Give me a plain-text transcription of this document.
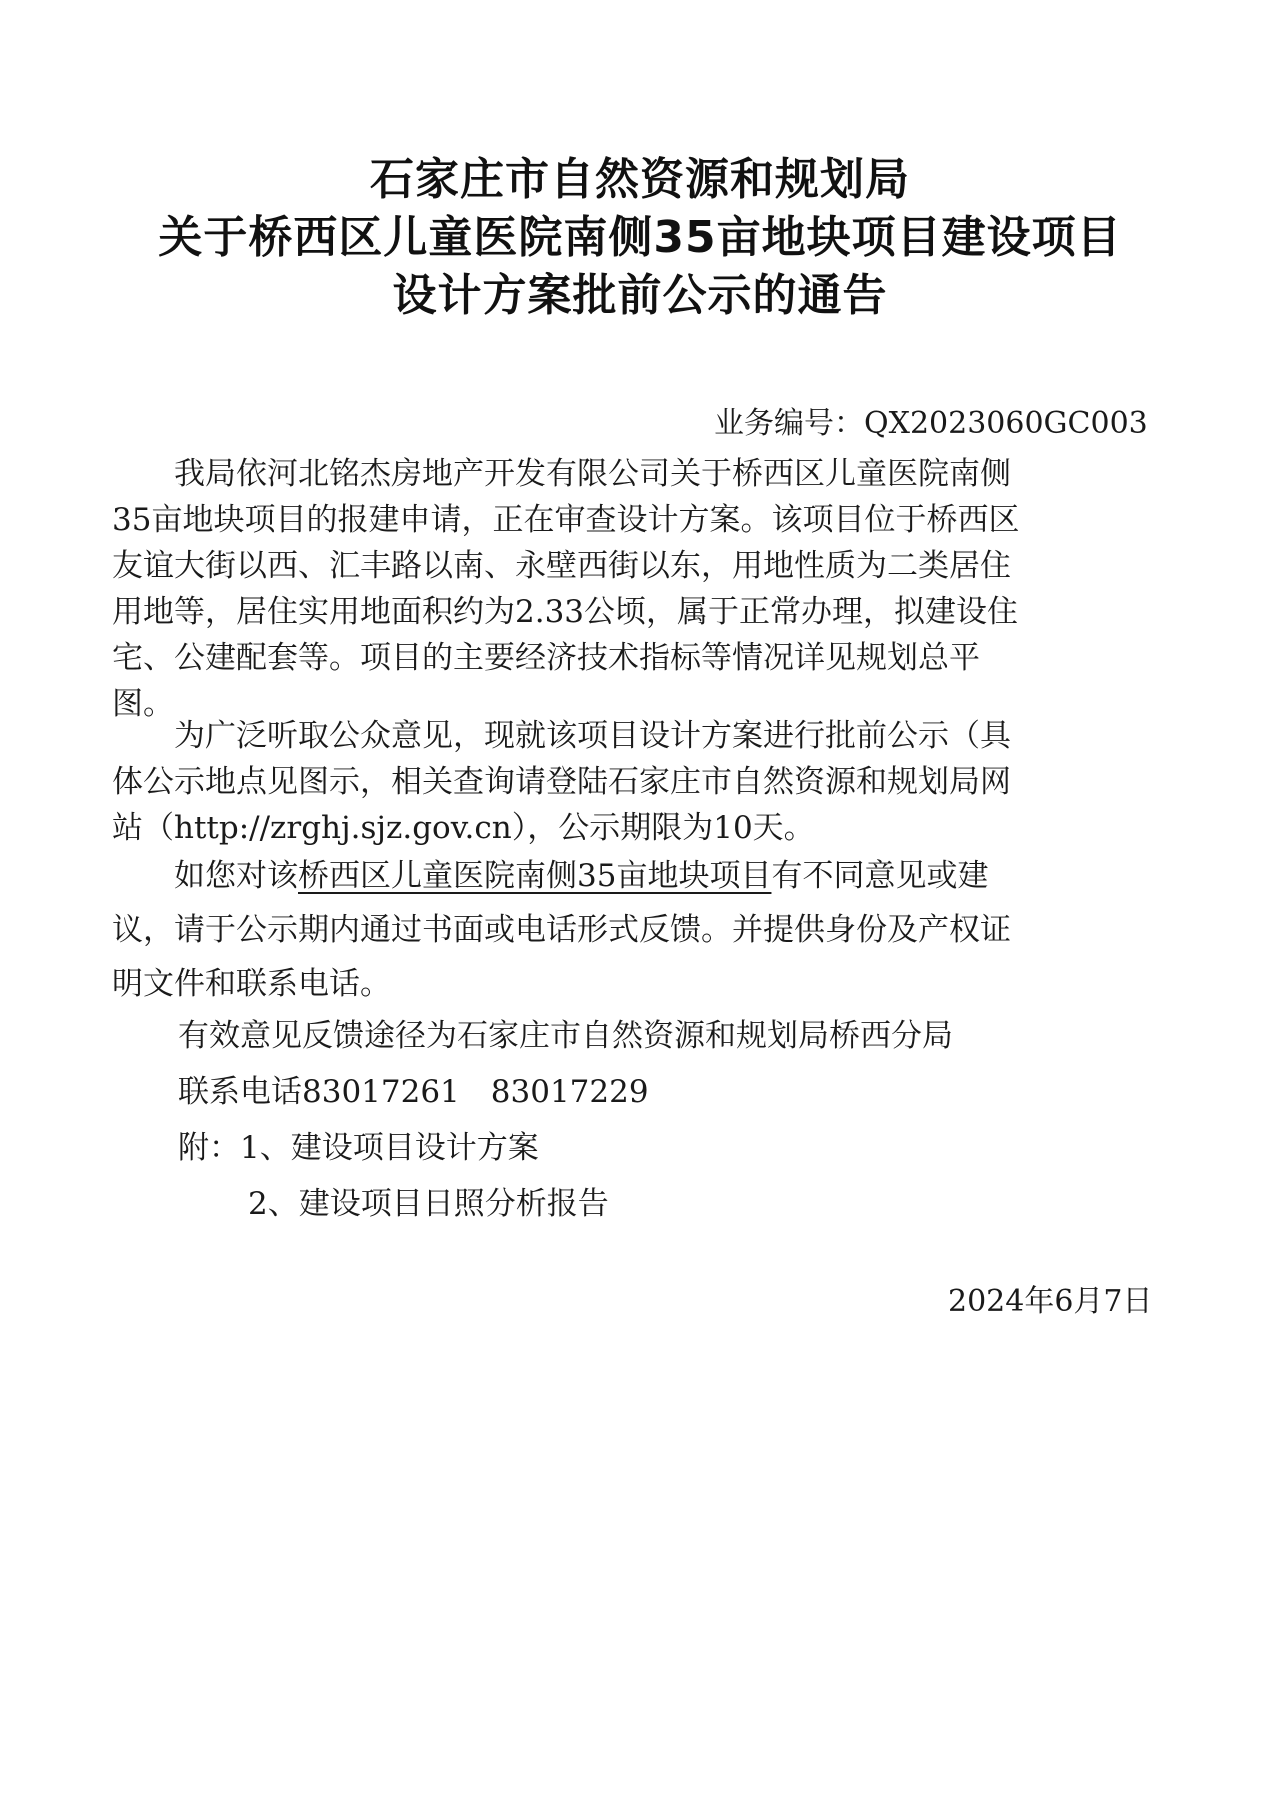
石家庄市自然资源和规划局
关于桥西区儿童医院南侧35亩地块项目建设项目
设计方案批前公示的通告
业务编号：QX2023060GC003
　　我局依河北铭杰房地产开发有限公司关于桥西区儿童医院南侧
35亩地块项目的报建申请，正在审查设计方案。该项目位于桥西区
友谊大街以西、汇丰路以南、永壁西街以东，用地性质为二类居住
用地等，居住实用地面积约为2.33公顷，属于正常办理，拟建设住
宅、公建配套等。项目的主要经济技术指标等情况详见规划总平
图。
　　为广泛听取公众意见，现就该项目设计方案进行批前公示（具
体公示地点见图示，相关查询请登陆石家庄市自然资源和规划局网
站（http://zrghj.sjz.gov.cn），公示期限为10天。
　　如您对该桥西区儿童医院南侧35亩地块项目有不同意见或建
议，请于公示期内通过书面或电话形式反馈。并提供身份及产权证
明文件和联系电话。
有效意见反馈途径为石家庄市自然资源和规划局桥西分局
联系电话83017261　83017229
附：1、建设项目设计方案
2、建设项目日照分析报告
2024年6月7日
